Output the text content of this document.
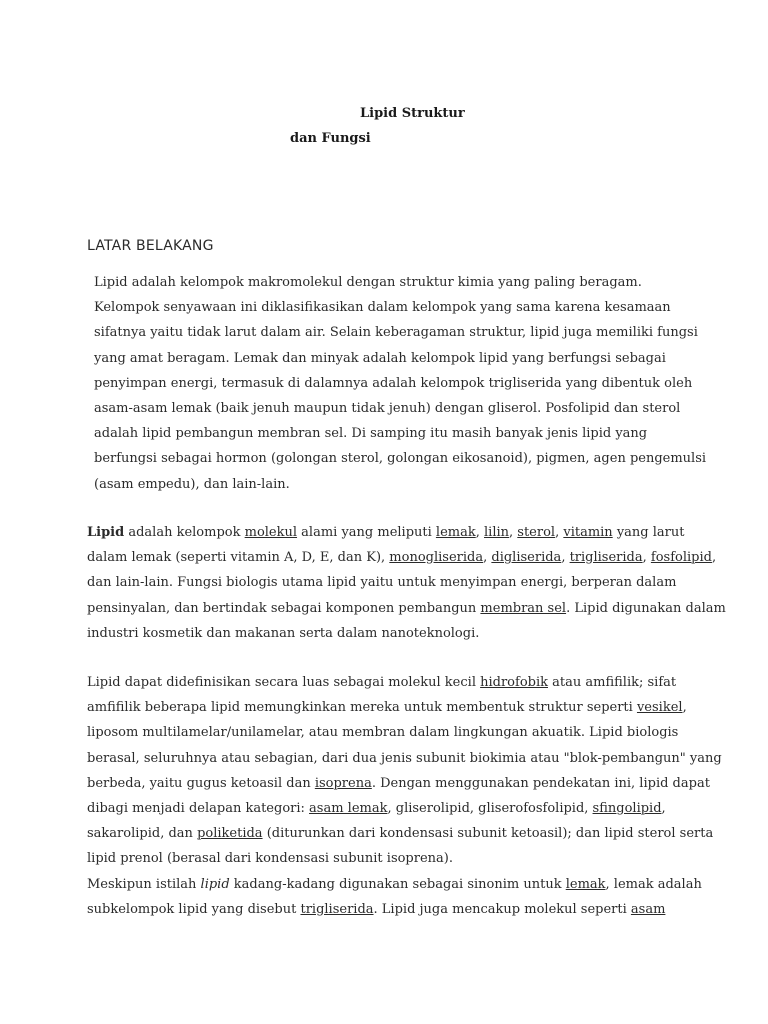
Lipid Struktur
dan Fungsi
LATAR BELAKANG
Lipid adalah kelompok makromolekul dengan struktur kimia yang paling beragam.
Kelompok senyawaan ini diklasifikasikan dalam kelompok yang sama karena kesamaan
sifatnya yaitu tidak larut dalam air. Selain keberagaman struktur, lipid juga memiliki fungsi
yang amat beragam. Lemak dan minyak adalah kelompok lipid yang berfungsi sebagai
penyimpan energi, termasuk di dalamnya adalah kelompok trigliserida yang dibentuk oleh
asam-asam lemak (baik jenuh maupun tidak jenuh) dengan gliserol. Posfolipid dan sterol
adalah lipid pembangun membran sel. Di samping itu masih banyak jenis lipid yang
berfungsi sebagai hormon (golongan sterol, golongan eikosanoid), pigmen, agen pengemulsi
(asam empedu), dan lain-lain.
Lipid adalah kelompok molekul alami yang meliputi lemak, lilin, sterol, vitamin yang larut
dalam lemak (seperti vitamin A, D, E, dan K), monogliserida, digliserida, trigliserida, fosfolipid,
dan lain-lain. Fungsi biologis utama lipid yaitu untuk menyimpan energi, berperan dalam
pensinyalan, dan bertindak sebagai komponen pembangun membran sel. Lipid digunakan dalam
industri kosmetik dan makanan serta dalam nanoteknologi.
Lipid dapat didefinisikan secara luas sebagai molekul kecil hidrofobik atau amfifilik; sifat
amfifilik beberapa lipid memungkinkan mereka untuk membentuk struktur seperti vesikel,
liposom multilamelar/unilamelar, atau membran dalam lingkungan akuatik. Lipid biologis
berasal, seluruhnya atau sebagian, dari dua jenis subunit biokimia atau "blok-pembangun" yang
berbeda, yaitu gugus ketoasil dan isoprena. Dengan menggunakan pendekatan ini, lipid dapat
dibagi menjadi delapan kategori: asam lemak, gliserolipid, gliserofosfolipid, sfingolipid,
sakarolipid, dan poliketida (diturunkan dari kondensasi subunit ketoasil); dan lipid sterol serta
lipid prenol (berasal dari kondensasi subunit isoprena).
Meskipun istilah lipid kadang-kadang digunakan sebagai sinonim untuk lemak, lemak adalah
subkelompok lipid yang disebut trigliserida. Lipid juga mencakup molekul seperti asam
